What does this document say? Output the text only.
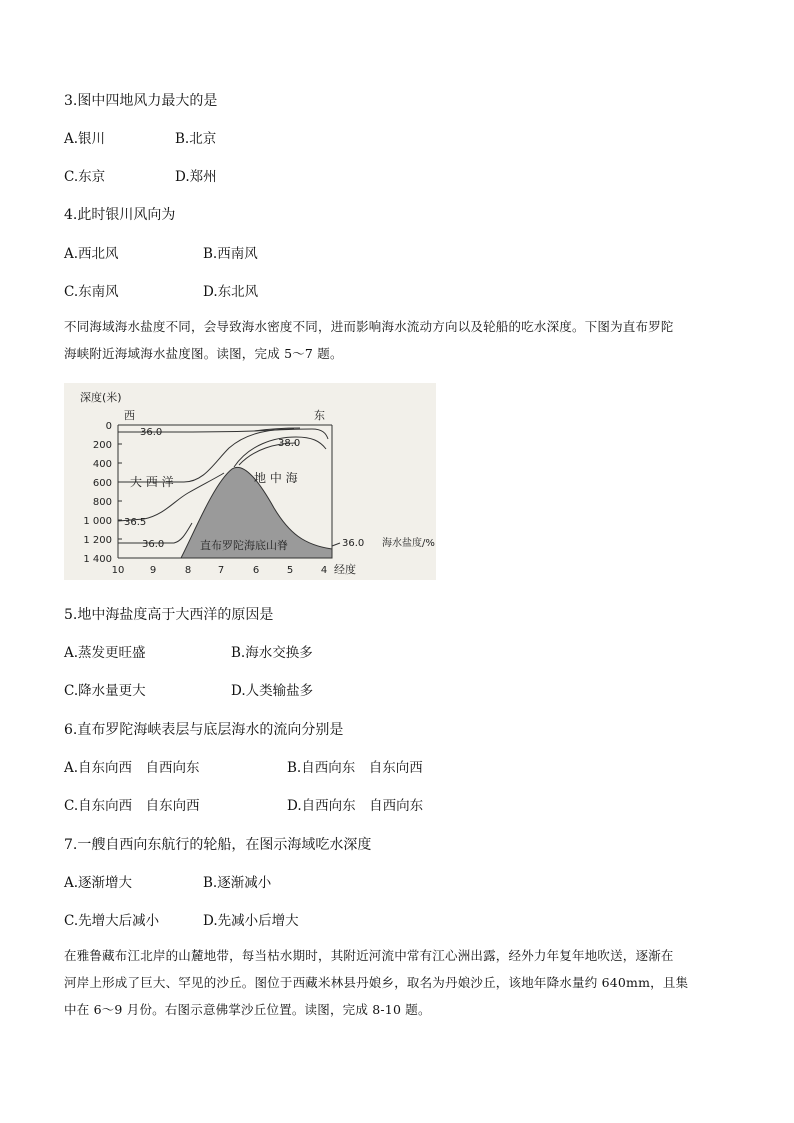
3.图中四地风力最大的是
A.银川	B.北京
C.东京	D.郑州
4.此时银川风向为
A.西北风	B.西南风
C.东南风	D.东北风
不同海域海水盐度不同，会导致海水密度不同，进而影响海水流动方向以及轮船的吃水深度。下图为直布罗陀
海峡附近海域海水盐度图。读图，完成 5～7 题。
深度(米)
西	东
0
200
400
600
800
1 000
1 200
1 400
10	9	8	7	6	5	4 经度
大 西 洋	地 中 海
直布罗陀海底山脊
36.0
38.0
36.5
36.0	36.0 海水盐度/%
5.地中海盐度高于大西洋的原因是
A.蒸发更旺盛	B.海水交换多
C.降水量更大	D.人类输盐多
6.直布罗陀海峡表层与底层海水的流向分别是
A.自东向西　自西向东	B.自西向东　自东向西
C.自东向西　自东向西	D.自西向东　自西向东
7.一艘自西向东航行的轮船，在图示海域吃水深度
A.逐渐增大	B.逐渐减小
C.先增大后减小	D.先减小后增大
在雅鲁藏布江北岸的山麓地带，每当枯水期时，其附近河流中常有江心洲出露，经外力年复年地吹送，逐渐在
河岸上形成了巨大、罕见的沙丘。图位于西藏米林县丹娘乡，取名为丹娘沙丘，该地年降水量约 640mm，且集
中在 6～9 月份。右图示意佛掌沙丘位置。读图，完成 8-10 题。
